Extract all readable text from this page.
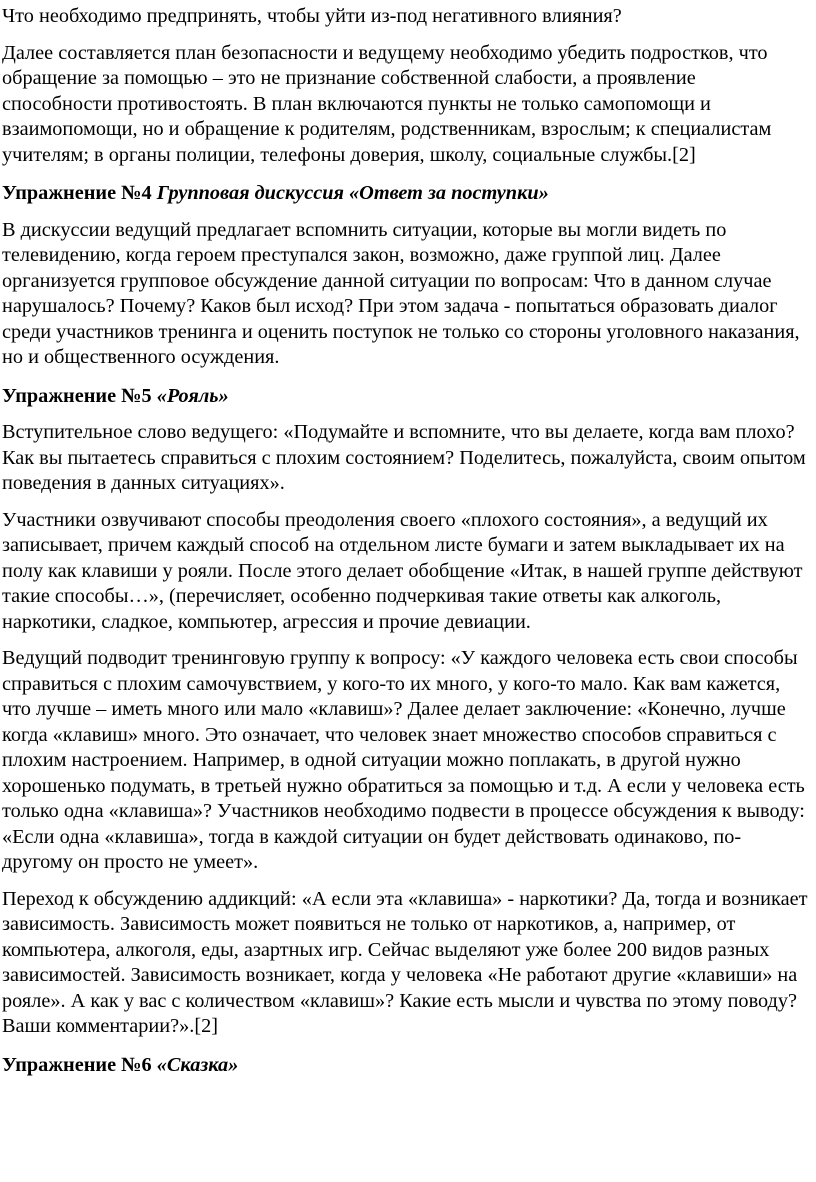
Что необходимо предпринять, чтобы уйти из-под негативного влияния?

Далее составляется план безопасности и ведущему необходимо убедить подростков, что обращение за помощью – это не признание собственной слабости, а проявление способности противостоять. В план включаются пункты не только самопомощи и взаимопомощи, но и обращение к родителям, родственникам, взрослым; к специалистам учителям; в органы полиции, телефоны доверия, школу, социальные службы.[2]

Упражнение №4 Групповая дискуссия «Ответ за поступки»

В дискуссии ведущий предлагает вспомнить ситуации, которые вы могли видеть по телевидению, когда героем преступался закон, возможно, даже группой лиц. Далее организуется групповое обсуждение данной ситуации по вопросам: Что в данном случае нарушалось? Почему? Каков был исход? При этом задача - попытаться образовать диалог среди участников тренинга и оценить поступок не только со стороны уголовного наказания, но и общественного осуждения.

Упражнение №5 «Рояль»

Вступительное слово ведущего: «Подумайте и вспомните, что вы делаете, когда вам плохо? Как вы пытаетесь справиться с плохим состоянием? Поделитесь, пожалуйста, своим опытом поведения в данных ситуациях».

Участники озвучивают способы преодоления своего «плохого состояния», а ведущий их записывает, причем каждый способ на отдельном листе бумаги и затем выкладывает их на полу как клавиши у рояли. После этого делает обобщение «Итак, в нашей группе действуют такие способы…», (перечисляет, особенно подчеркивая такие ответы как алкоголь, наркотики, сладкое, компьютер, агрессия и прочие девиации.

Ведущий подводит тренинговую группу к вопросу: «У каждого человека есть свои способы справиться с плохим самочувствием, у кого-то их много, у кого-то мало. Как вам кажется, что лучше – иметь много или мало «клавиш»? Далее делает заключение: «Конечно, лучше когда «клавиш» много. Это означает, что человек знает множество способов справиться с плохим настроением. Например, в одной ситуации можно поплакать, в другой нужно хорошенько подумать, в третьей нужно обратиться за помощью и т.д. А если у человека есть только одна «клавиша»? Участников необходимо подвести в процессе обсуждения к выводу: «Если одна «клавиша», тогда в каждой ситуации он будет действовать одинаково, по-другому он просто не умеет».

Переход к обсуждению аддикций: «А если эта «клавиша» - наркотики? Да, тогда и возникает зависимость. Зависимость может появиться не только от наркотиков, а, например, от компьютера, алкоголя, еды, азартных игр. Сейчас выделяют уже более 200 видов разных зависимостей. Зависимость возникает, когда у человека «Не работают другие «клавиши» на рояле». А как у вас с количеством «клавиш»? Какие есть мысли и чувства по этому поводу? Ваши комментарии?».[2]

Упражнение №6 «Сказка»
